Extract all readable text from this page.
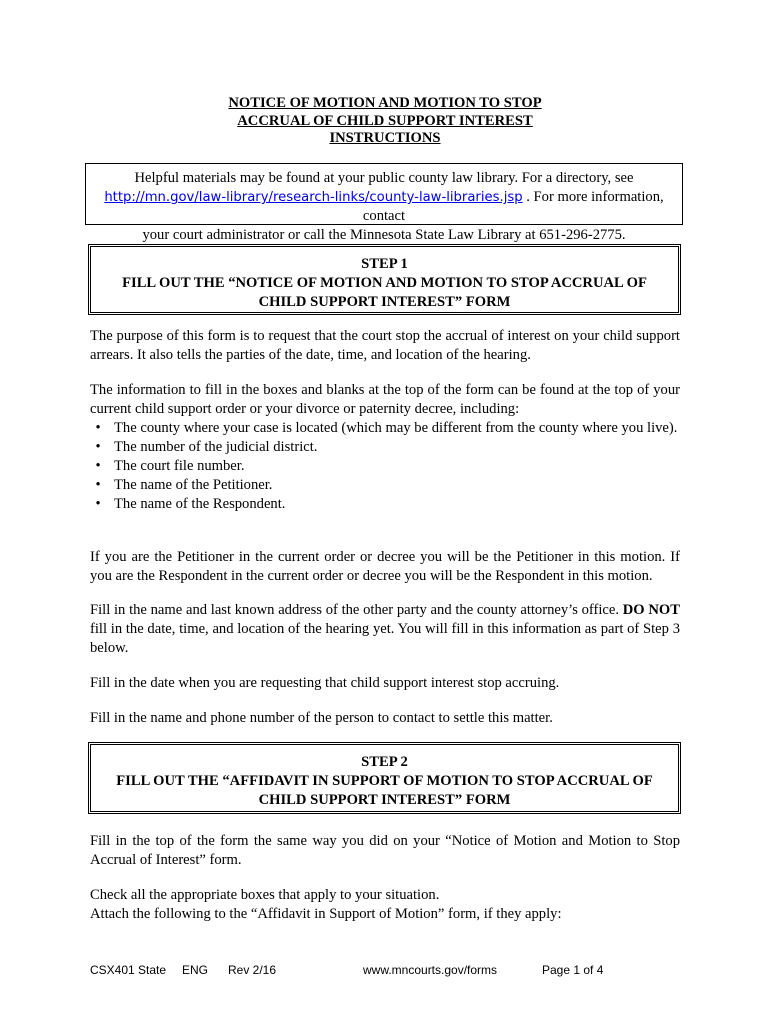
NOTICE OF MOTION AND MOTION TO STOP
ACCRUAL OF CHILD SUPPORT INTEREST
INSTRUCTIONS
Helpful materials may be found at your public county law library. For a directory, see
http://mn.gov/law-library/research-links/county-law-libraries.jsp . For more information, contact
your court administrator or call the Minnesota State Law Library at 651-296-2775.
STEP 1
FILL OUT THE “NOTICE OF MOTION AND MOTION TO STOP ACCRUAL OF
CHILD SUPPORT INTEREST” FORM

The purpose of this form is to request that the court stop the accrual of interest on your child support arrears. It also tells the parties of the date, time, and location of the hearing.

The information to fill in the boxes and blanks at the top of the form can be found at the top of your current child support order or your divorce or paternity decree, including:

• The county where your case is located (which may be different from the county where you live).
• The number of the judicial district.
• The court file number.
• The name of the Petitioner.
• The name of the Respondent.

If you are the Petitioner in the current order or decree you will be the Petitioner in this motion. If you are the Respondent in the current order or decree you will be the Respondent in this motion.

Fill in the name and last known address of the other party and the county attorney’s office. DO NOT fill in the date, time, and location of the hearing yet. You will fill in this information as part of Step 3 below.

Fill in the date when you are requesting that child support interest stop accruing.

Fill in the name and phone number of the person to contact to settle this matter.

STEP 2
FILL OUT THE “AFFIDAVIT IN SUPPORT OF MOTION TO STOP ACCRUAL OF
CHILD SUPPORT INTEREST” FORM

Fill in the top of the form the same way you did on your “Notice of Motion and Motion to Stop Accrual of Interest” form.

Check all the appropriate boxes that apply to your situation.
Attach the following to the “Affidavit in Support of Motion” form, if they apply:

CSX401 State ENG Rev 2/16	www.mncourts.gov/forms	Page 1 of 4
